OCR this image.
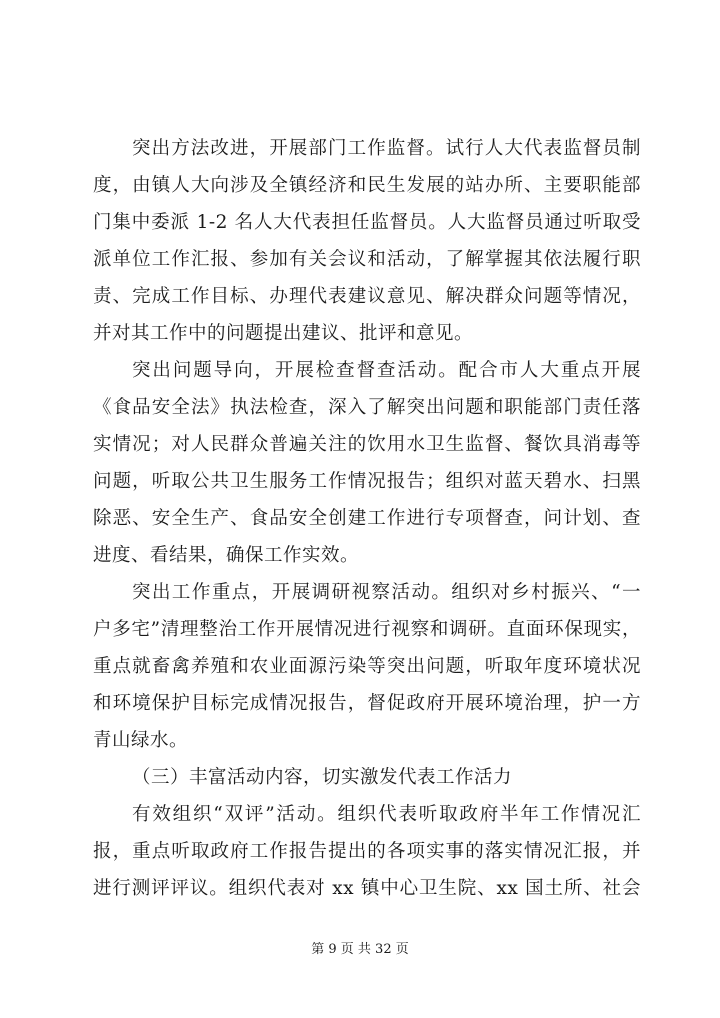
突出方法改进，开展部门工作监督。试行人大代表监督员制
度，由镇人大向涉及全镇经济和民生发展的站办所、主要职能部
门集中委派 1-2 名人大代表担任监督员。人大监督员通过听取受
派单位工作汇报、参加有关会议和活动，了解掌握其依法履行职
责、完成工作目标、办理代表建议意见、解决群众问题等情况，
并对其工作中的问题提出建议、批评和意见。
突出问题导向，开展检查督查活动。配合市人大重点开展
《食品安全法》执法检查，深入了解突出问题和职能部门责任落
实情况；对人民群众普遍关注的饮用水卫生监督、餐饮具消毒等
问题，听取公共卫生服务工作情况报告；组织对蓝天碧水、扫黑
除恶、安全生产、食品安全创建工作进行专项督查，问计划、查
进度、看结果，确保工作实效。
突出工作重点，开展调研视察活动。组织对乡村振兴、“一
户多宅”清理整治工作开展情况进行视察和调研。直面环保现实，
重点就畜禽养殖和农业面源污染等突出问题，听取年度环境状况
和环境保护目标完成情况报告，督促政府开展环境治理，护一方
青山绿水。
（三）丰富活动内容，切实激发代表工作活力
有效组织“双评”活动。组织代表听取政府半年工作情况汇
报，重点听取政府工作报告提出的各项实事的落实情况汇报，并
进行测评评议。组织代表对 xx 镇中心卫生院、xx 国土所、社会
第 9 页 共 32 页
